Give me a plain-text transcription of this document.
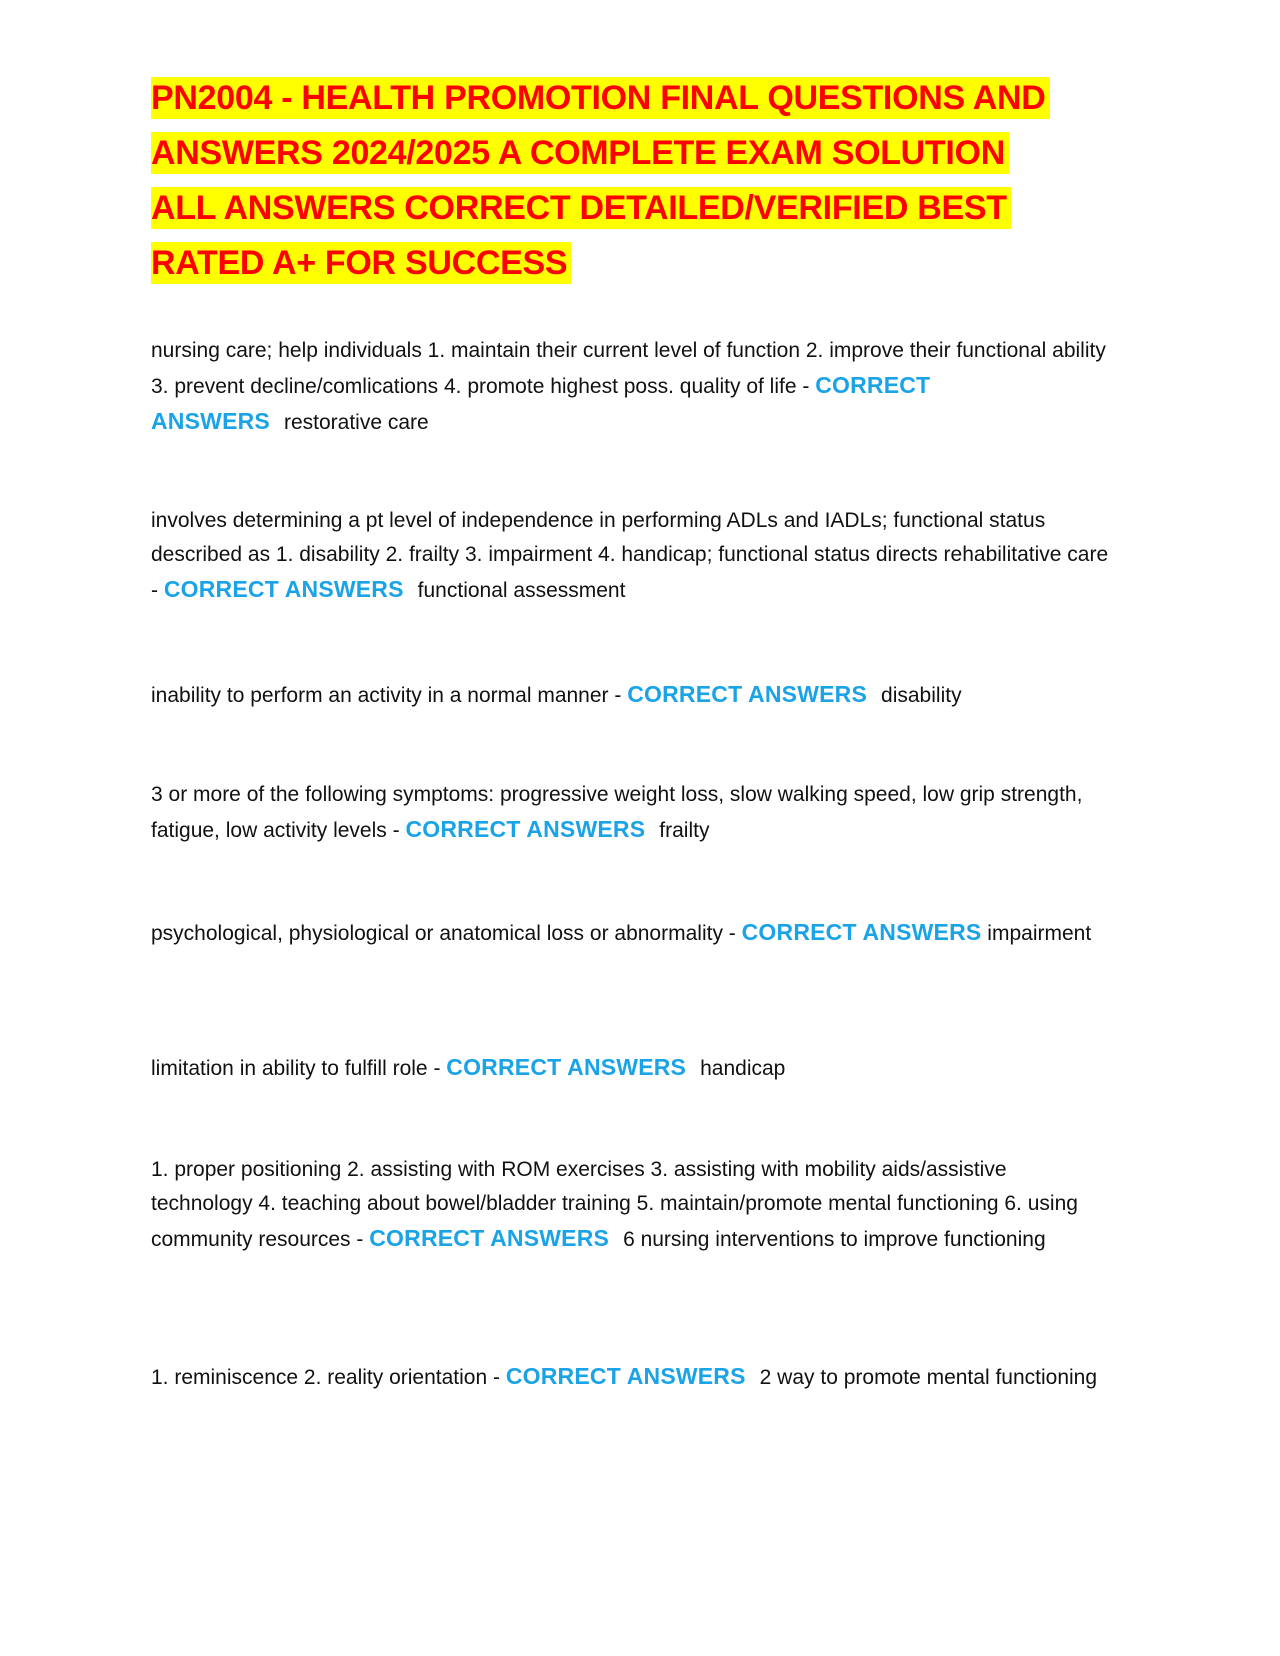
PN2004 - HEALTH PROMOTION FINAL QUESTIONS AND
ANSWERS 2024/2025 A COMPLETE EXAM SOLUTION
ALL ANSWERS CORRECT DETAILED/VERIFIED BEST
RATED A+ FOR SUCCESS

nursing care; help individuals 1. maintain their current level of function 2. improve their functional ability 3. prevent decline/comlications 4. promote highest poss. quality of life - CORRECT ANSWERS restorative care

involves determining a pt level of independence in performing ADLs and IADLs; functional status described as 1. disability 2. frailty 3. impairment 4. handicap; functional status directs rehabilitative care - CORRECT ANSWERS functional assessment

inability to perform an activity in a normal manner - CORRECT ANSWERS disability

3 or more of the following symptoms: progressive weight loss, slow walking speed, low grip strength, fatigue, low activity levels - CORRECT ANSWERS frailty

psychological, physiological or anatomical loss or abnormality - CORRECT ANSWERS impairment

limitation in ability to fulfill role - CORRECT ANSWERS handicap

1. proper positioning 2. assisting with ROM exercises 3. assisting with mobility aids/assistive technology 4. teaching about bowel/bladder training 5. maintain/promote mental functioning 6. using community resources - CORRECT ANSWERS 6 nursing interventions to improve functioning

1. reminiscence 2. reality orientation - CORRECT ANSWERS 2 way to promote mental functioning
